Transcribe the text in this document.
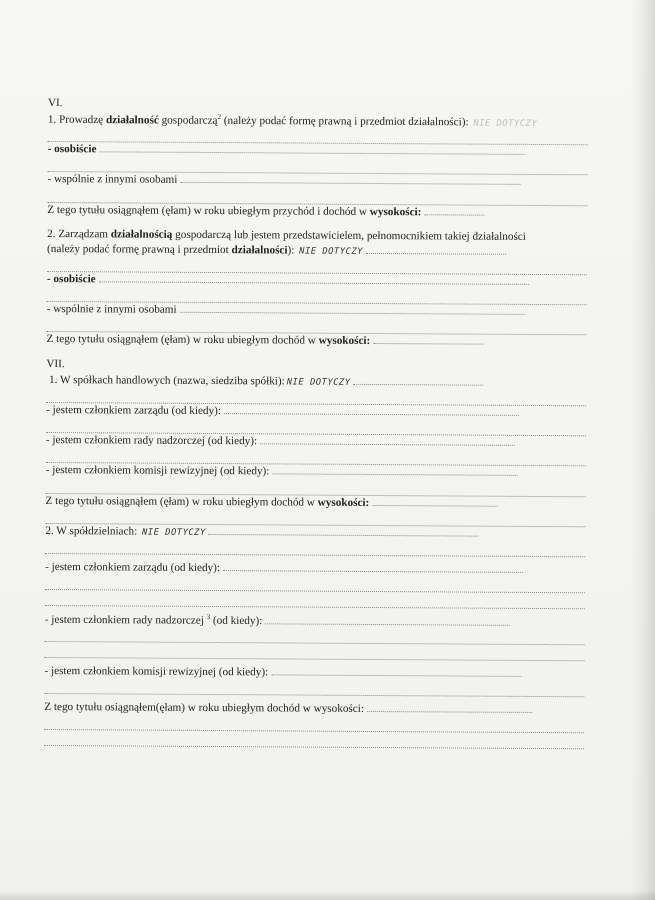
VI.
1. Prowadzę działalność gospodarczą$^2$ (należy podać formę prawną i przedmiot działalności): NIE DOTYCZY
- osobiście
- wspólnie z innymi osobami
Z tego tytułu osiągnąłem (ęłam) w roku ubiegłym przychód i dochód w wysokości:
2. Zarządzam działalnością gospodarczą lub jestem przedstawicielem, pełnomocnikiem takiej działalności
(należy podać formę prawną i przedmiot działalności): NIE DOTYCZY
- osobiście
- wspólnie z innymi osobami
Z tego tytułu osiągnąłem (ęłam) w roku ubiegłym dochód w wysokości:
VII.
1. W spółkach handlowych (nazwa, siedziba spółki): NIE DOTYCZY
- jestem członkiem zarządu (od kiedy):
- jestem członkiem rady nadzorczej (od kiedy):
- jestem członkiem komisji rewizyjnej (od kiedy):
Z tego tytułu osiągnąłem (ęłam) w roku ubiegłym dochód w wysokości:
2. W spółdzielniach: NIE DOTYCZY
- jestem członkiem zarządu (od kiedy):
- jestem członkiem rady nadzorczej $^3$ (od kiedy):
- jestem członkiem komisji rewizyjnej (od kiedy):
Z tego tytułu osiągnąłem(ęłam) w roku ubiegłym dochód w wysokości:
